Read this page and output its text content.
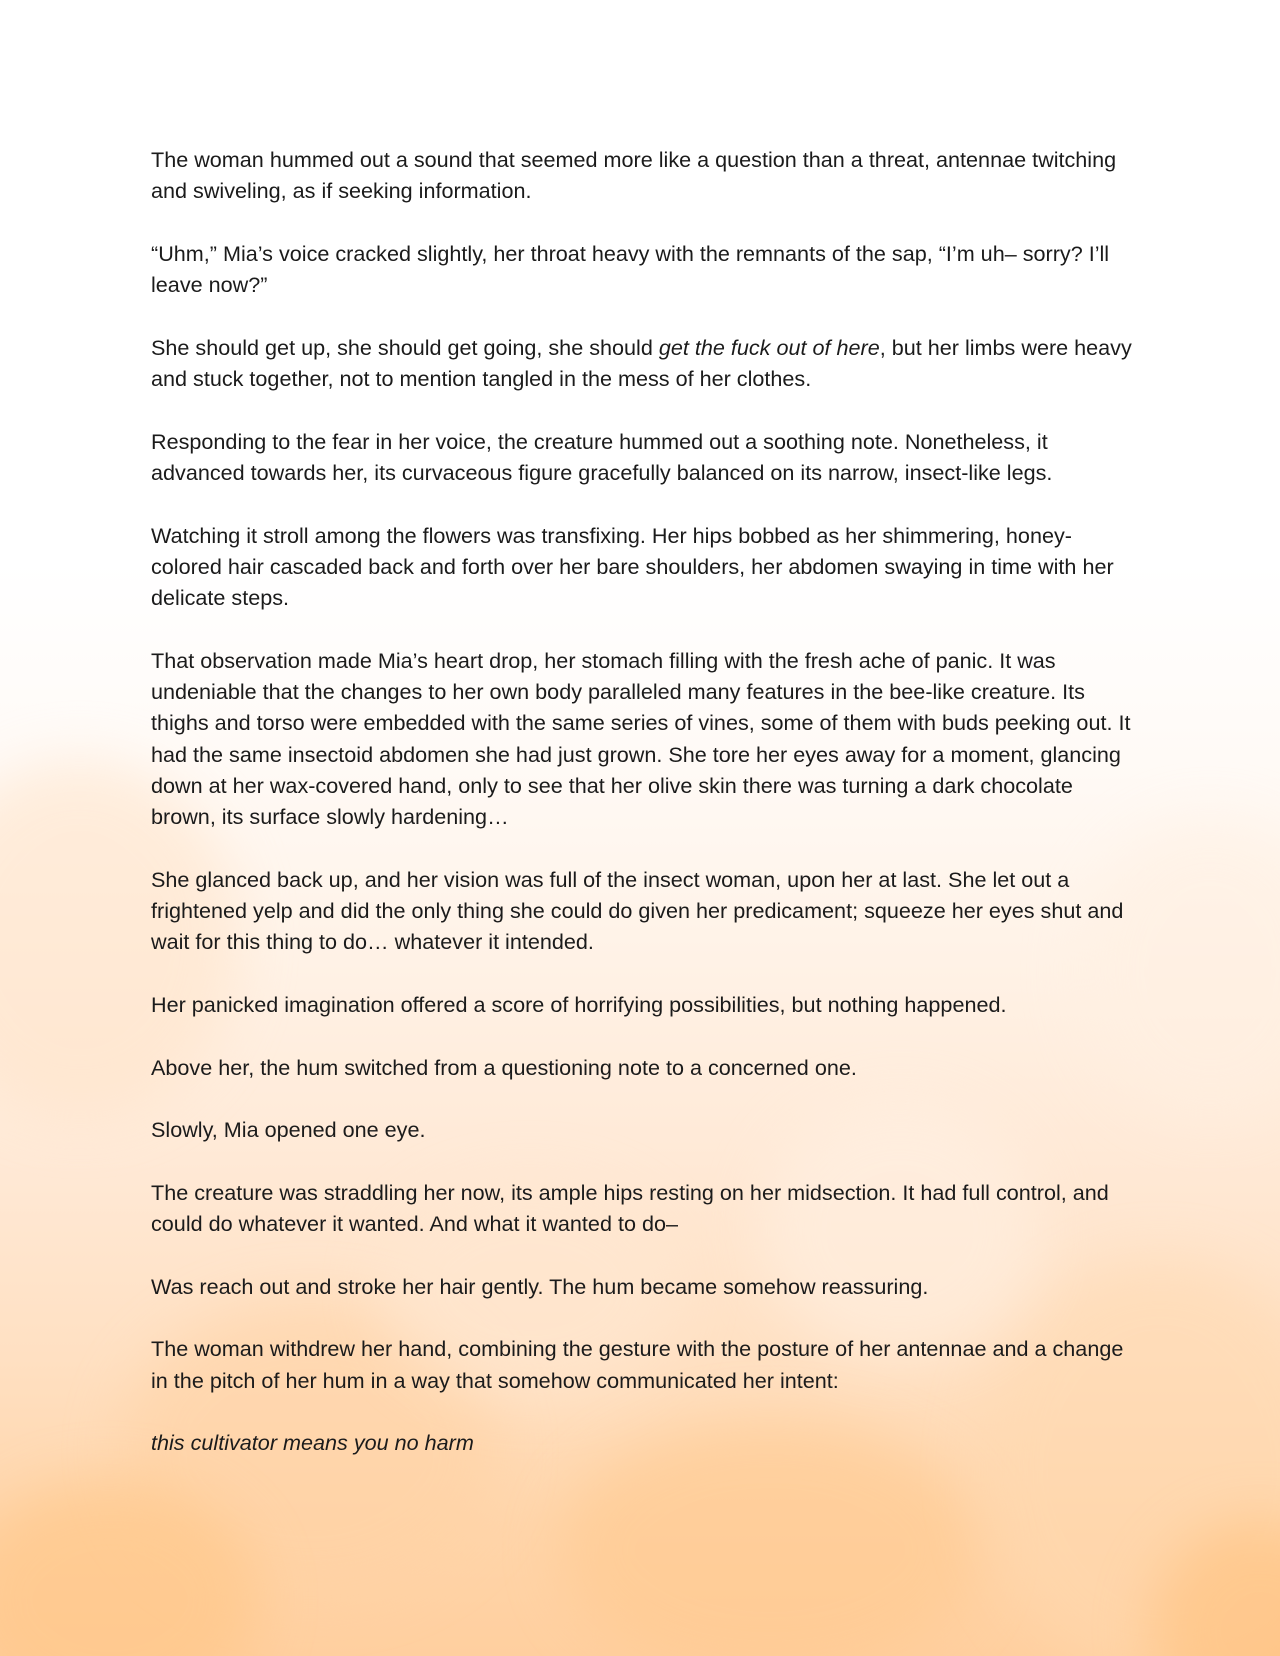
The woman hummed out a sound that seemed more like a question than a threat, antennae twitching and swiveling, as if seeking information.

“Uhm,” Mia’s voice cracked slightly, her throat heavy with the remnants of the sap, “I’m uh– sorry? I’ll leave now?”

She should get up, she should get going, she should get the fuck out of here, but her limbs were heavy and stuck together, not to mention tangled in the mess of her clothes.

Responding to the fear in her voice, the creature hummed out a soothing note. Nonetheless, it advanced towards her, its curvaceous figure gracefully balanced on its narrow, insect-like legs.

Watching it stroll among the flowers was transfixing. Her hips bobbed as her shimmering, honey-colored hair cascaded back and forth over her bare shoulders, her abdomen swaying in time with her delicate steps.

That observation made Mia’s heart drop, her stomach filling with the fresh ache of panic. It was undeniable that the changes to her own body paralleled many features in the bee-like creature. Its thighs and torso were embedded with the same series of vines, some of them with buds peeking out. It had the same insectoid abdomen she had just grown. She tore her eyes away for a moment, glancing down at her wax-covered hand, only to see that her olive skin there was turning a dark chocolate brown, its surface slowly hardening…

She glanced back up, and her vision was full of the insect woman, upon her at last. She let out a frightened yelp and did the only thing she could do given her predicament; squeeze her eyes shut and wait for this thing to do… whatever it intended.

Her panicked imagination offered a score of horrifying possibilities, but nothing happened.

Above her, the hum switched from a questioning note to a concerned one.

Slowly, Mia opened one eye.

The creature was straddling her now, its ample hips resting on her midsection. It had full control, and could do whatever it wanted. And what it wanted to do–

Was reach out and stroke her hair gently. The hum became somehow reassuring.

The woman withdrew her hand, combining the gesture with the posture of her antennae and a change in the pitch of her hum in a way that somehow communicated her intent:

this cultivator means you no harm
